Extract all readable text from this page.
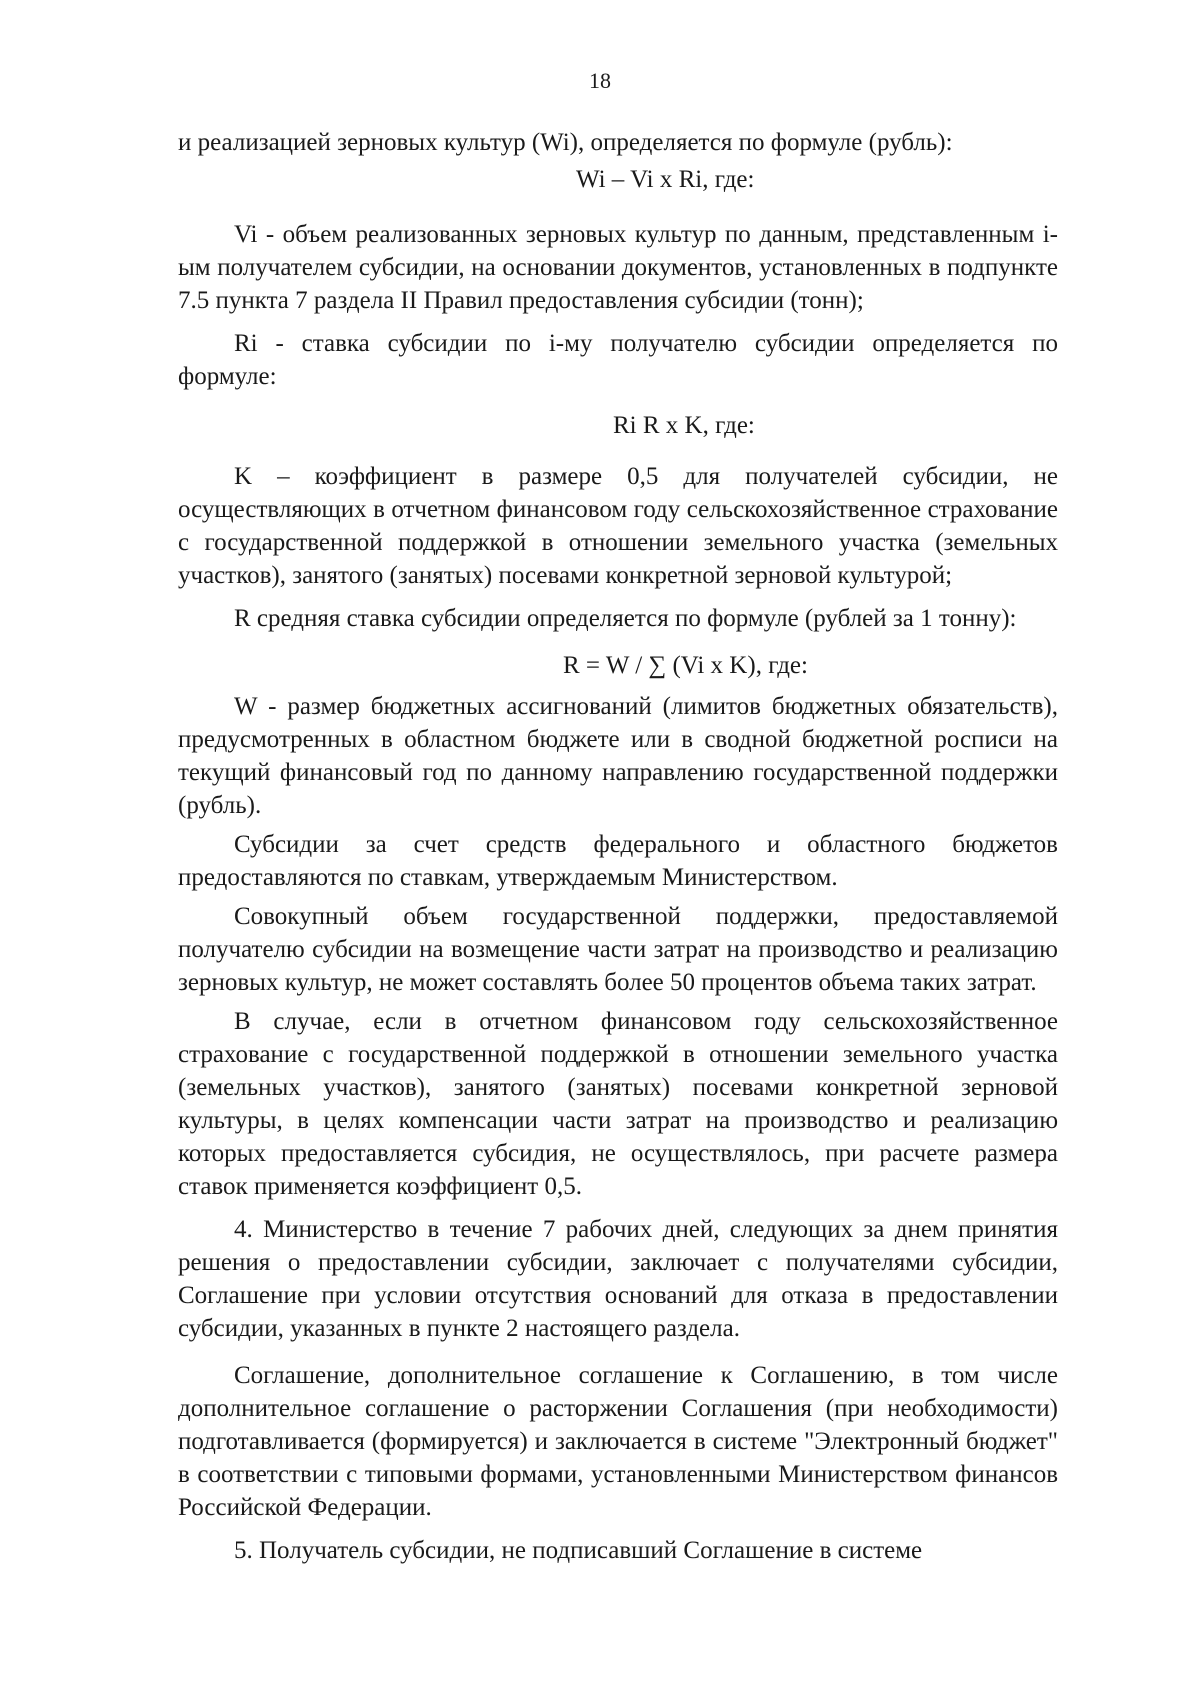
18

и реализацией зерновых культур (Wi), определяется по формуле (рубль):

Wi – Vi x Ri, где:

Vi - объем реализованных зерновых культур по данным, представленным i-ым получателем субсидии, на основании документов, установленных в подпункте 7.5 пункта 7 раздела II Правил предоставления субсидии (тонн);

Ri - ставка субсидии по i-му получателю субсидии определяется по формуле:

Ri R x K, где:

K – коэффициент в размере 0,5 для получателей субсидии, не осуществляющих в отчетном финансовом году сельскохозяйственное страхование с государственной поддержкой в отношении земельного участка (земельных участков), занятого (занятых) посевами конкретной зерновой культурой;

R средняя ставка субсидии определяется по формуле (рублей за 1 тонну):

R = W / ∑ (Vi x K), где:

W - размер бюджетных ассигнований (лимитов бюджетных обязательств), предусмотренных в областном бюджете или в сводной бюджетной росписи на текущий финансовый год по данному направлению государственной поддержки (рубль).

Субсидии за счет средств федерального и областного бюджетов предоставляются по ставкам, утверждаемым Министерством.

Совокупный объем государственной поддержки, предоставляемой получателю субсидии на возмещение части затрат на производство и реализацию зерновых культур, не может составлять более 50 процентов объема таких затрат.

В случае, если в отчетном финансовом году сельскохозяйственное страхование с государственной поддержкой в отношении земельного участка (земельных участков), занятого (занятых) посевами конкретной зерновой культуры, в целях компенсации части затрат на производство и реализацию которых предоставляется субсидия, не осуществлялось, при расчете размера ставок применяется коэффициент 0,5.

4. Министерство в течение 7 рабочих дней, следующих за днем принятия решения о предоставлении субсидии, заключает с получателями субсидии, Соглашение при условии отсутствия оснований для отказа в предоставлении субсидии, указанных в пункте 2 настоящего раздела.

Соглашение, дополнительное соглашение к Соглашению, в том числе дополнительное соглашение о расторжении Соглашения (при необходимости) подготавливается (формируется) и заключается в системе "Электронный бюджет" в соответствии с типовыми формами, установленными Министерством финансов Российской Федерации.

5. Получатель субсидии, не подписавший Соглашение в системе
